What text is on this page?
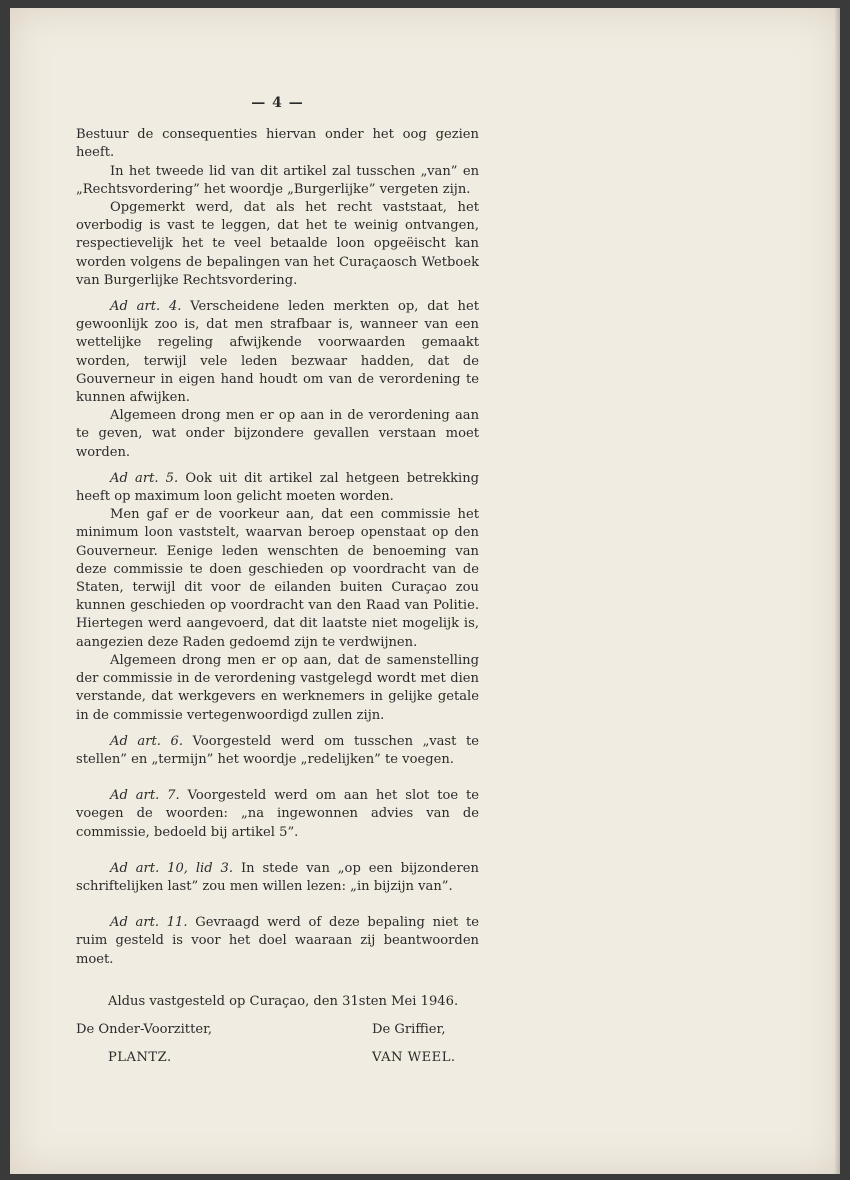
— 4 —

Bestuur de consequenties hiervan onder het oog gezien heeft.

In het tweede lid van dit artikel zal tusschen „van” en „Rechtsvordering” het woordje „Burgerlijke” vergeten zijn.

Opgemerkt werd, dat als het recht vaststaat, het overbodig is vast te leggen, dat het te weinig ontvangen, respectievelijk het te veel betaalde loon opgeëischt kan worden volgens de bepalingen van het Curaçaosch Wetboek van Burgerlijke Rechtsvordering.

Ad art. 4. Verscheidene leden merkten op, dat het gewoonlijk zoo is, dat men strafbaar is, wanneer van een wettelijke regeling afwijkende voorwaarden gemaakt worden, terwijl vele leden bezwaar hadden, dat de Gouverneur in eigen hand houdt om van de verordening te kunnen afwijken.

Algemeen drong men er op aan in de verordening aan te geven, wat onder bijzondere gevallen verstaan moet worden.

Ad art. 5. Ook uit dit artikel zal hetgeen betrekking heeft op maximum loon gelicht moeten worden.

Men gaf er de voorkeur aan, dat een commissie het minimum loon vaststelt, waarvan beroep openstaat op den Gouverneur. Eenige leden wenschten de benoeming van deze commissie te doen geschieden op voordracht van de Staten, terwijl dit voor de eilanden buiten Curaçao zou kunnen geschieden op voordracht van den Raad van Politie. Hiertegen werd aangevoerd, dat dit laatste niet mogelijk is, aangezien deze Raden gedoemd zijn te verdwijnen.

Algemeen drong men er op aan, dat de samenstelling der commissie in de verordening vastgelegd wordt met dien verstande, dat werkgevers en werknemers in gelijke getale in de commissie vertegenwoordigd zullen zijn.

Ad art. 6. Voorgesteld werd om tusschen „vast te stellen” en „termijn” het woordje „redelijken” te voegen.

Ad art. 7. Voorgesteld werd om aan het slot toe te voegen de woorden: „na ingewonnen advies van de commissie, bedoeld bij artikel 5”.

Ad art. 10, lid 3. In stede van „op een bijzonderen schriftelijken last” zou men willen lezen: „in bijzijn van”.

Ad art. 11. Gevraagd werd of deze bepaling niet te ruim gesteld is voor het doel waaraan zij beantwoorden moet.

Aldus vastgesteld op Curaçao, den 31sten Mei 1946.

De Onder-Voorzitter,	De Griffier,
PLANTZ.	VAN WEEL.
